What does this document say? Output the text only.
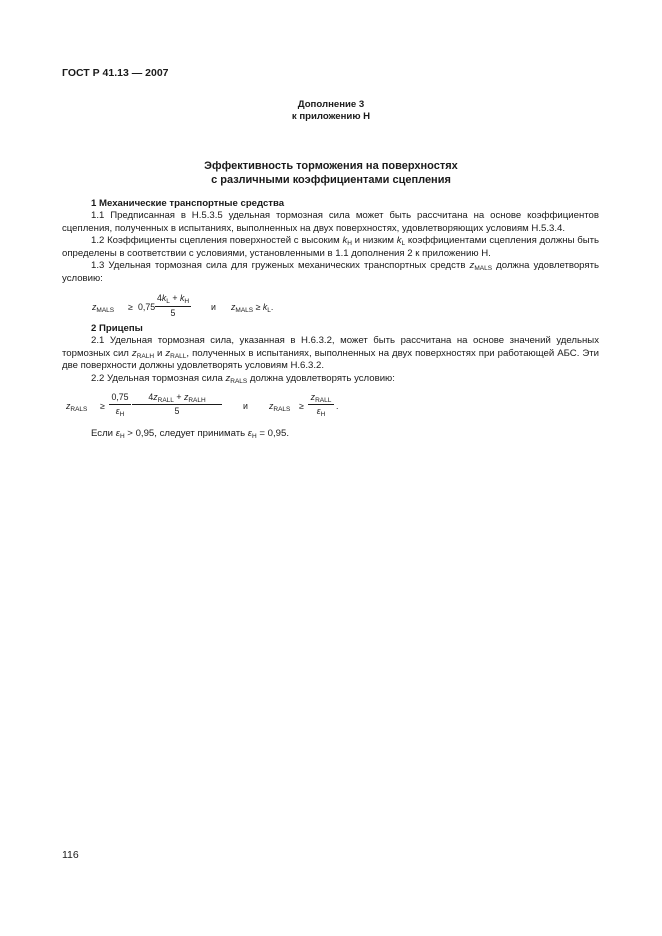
ГОСТ Р 41.13 — 2007
Дополнение 3
к приложению Н
Эффективность торможения на поверхностях
с различными коэффициентами сцепления
1 Механические транспортные средства

1.1 Предписанная в Н.5.3.5 удельная тормозная сила может быть рассчитана на основе коэффициентов сцепления, полученных в испытаниях, выполненных на двух поверхностях, удовлетворяющих условиям Н.5.3.4.

1.2 Коэффициенты сцепления поверхностей с высоким $k_H$ и низким $k_L$ коэффициентами сцепления должны быть определены в соответствии с условиями, установленными в 1.1 дополнения 2 к приложению Н.

1.3 Удельная тормозная сила для груженых механических транспортных средств $z_{MALS}$ должна удовлетворять условию:

$z_{MALS} \ge 0,75$
$4k_L + k_H$
5
и $z_{MALS} \ge k_L$.
2 Прицепы

2.1 Удельная тормозная сила, указанная в Н.6.3.2, может быть рассчитана на основе значений удельных тормозных сил $z_{RALH}$ и $z_{RALL}$, полученных в испытаниях, выполненных на двух поверхностях при работающей АБС. Эти две поверхности должны удовлетворять условиям Н.6.3.2.

2.2 Удельная тормозная сила $z_{RALS}$ должна удовлетворять условию:

$z_{RALS}$ ≥
0,75
$\varepsilon_H$
$4z_{RALL} + z_{RALH}$
5	и $z_{RALS}$ ≥
$z_{RALL}$
$\varepsilon_H$
.
Если $\varepsilon_H > 0,95$, следует принимать $\varepsilon_H = 0,95$.
116
